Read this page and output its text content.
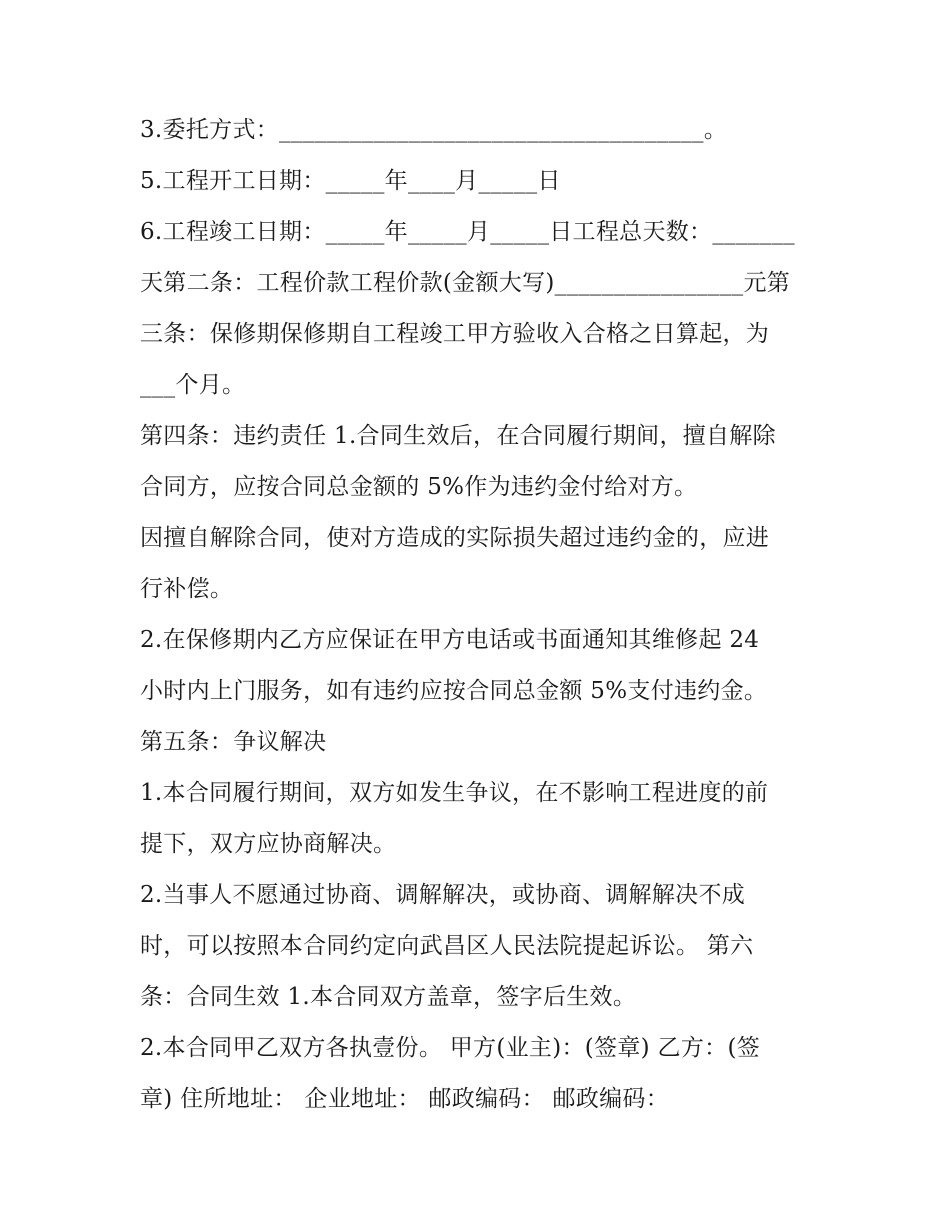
3.委托方式：____________________________________。
5.工程开工日期：_____年____月_____日
6.工程竣工日期：_____年_____月_____日工程总天数：_______
天第二条：工程价款工程价款(金额大写)________________元第
三条：保修期保修期自工程竣工甲方验收入合格之日算起，为
___个月。
第四条：违约责任 1.合同生效后，在合同履行期间，擅自解除
合同方，应按合同总金额的 5%作为违约金付给对方。
因擅自解除合同，使对方造成的实际损失超过违约金的，应进
行补偿。
2.在保修期内乙方应保证在甲方电话或书面通知其维修起 24
小时内上门服务，如有违约应按合同总金额 5%支付违约金。
第五条：争议解决
1.本合同履行期间，双方如发生争议，在不影响工程进度的前
提下，双方应协商解决。
2.当事人不愿通过协商、调解解决，或协商、调解解决不成
时，可以按照本合同约定向武昌区人民法院提起诉讼。 第六
条：合同生效 1.本合同双方盖章，签字后生效。
2.本合同甲乙双方各执壹份。 甲方(业主)：(签章) 乙方：(签
章) 住所地址： 企业地址： 邮政编码： 邮政编码：
